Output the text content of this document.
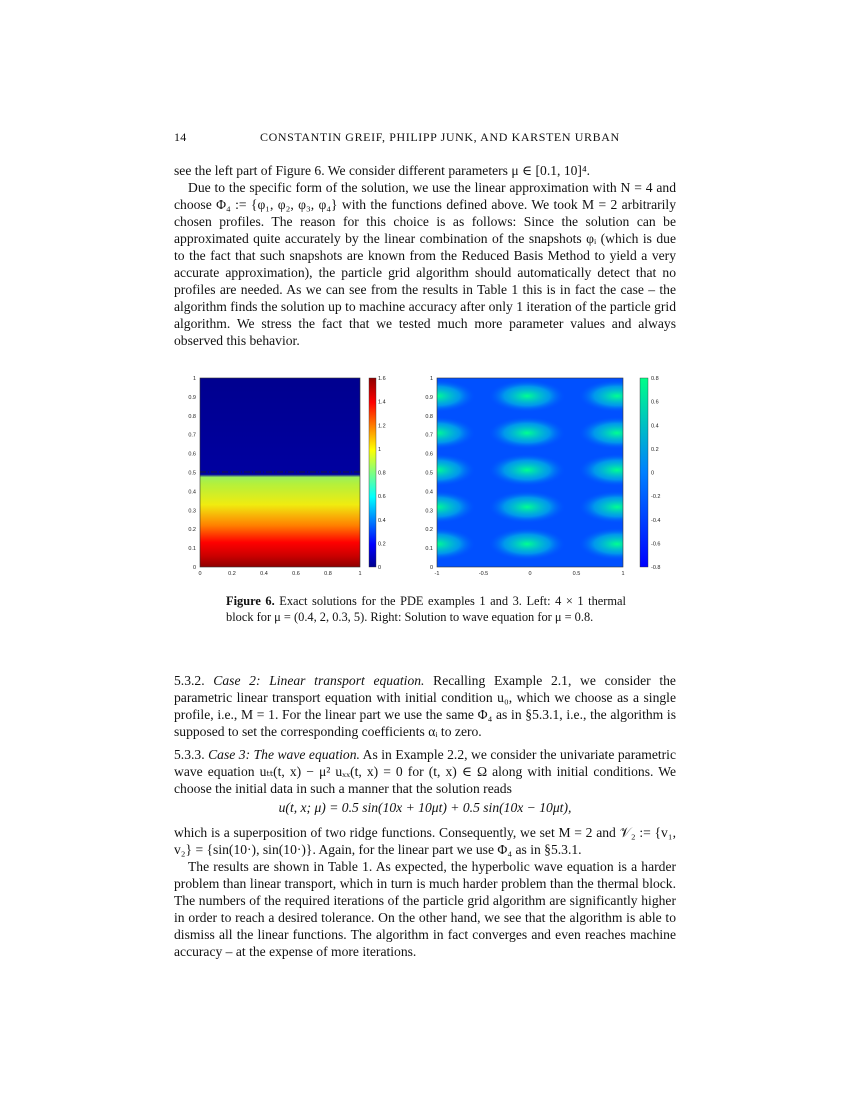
14	CONSTANTIN GREIF, PHILIPP JUNK, AND KARSTEN URBAN

see the left part of Figure 6. We consider different parameters μ ∈ [0.1, 10]⁴.

Due to the specific form of the solution, we use the linear approximation with N = 4 and choose Φ₄ := {φ₁, φ₂, φ₃, φ₄} with the functions defined above. We took M = 2 arbitrarily chosen profiles. The reason for this choice is as follows: Since the solution can be approximated quite accurately by the linear combination of the snapshots φᵢ (which is due to the fact that such snapshots are known from the Reduced Basis Method to yield a very accurate approximation), the particle grid algorithm should automatically detect that no profiles are needed. As we can see from the results in Table 1 this is in fact the case – the algorithm finds the solution up to machine accuracy after only 1 iteration of the particle grid algorithm. We stress the fact that we tested much more parameter values and always observed this behavior.

0
0.1
0.2
0.3
0.4
0.5
0.6
0.7
0.8
0.9
1
0	0.2	0.4	0.6	0.8	1
0
0.2
0.4
0.6
0.8
1
1.2
1.4
1.6
0
0.1
0.2
0.3
0.4
0.5
0.6
0.7
0.8
0.9
1
-1	-0.5	0	0.5	1
-0.8
-0.6
-0.4
-0.2
0
0.2
0.4
0.6
0.8
Figure 6. Exact solutions for the PDE examples 1 and 3. Left: 4 × 1 thermal block for μ = (0.4, 2, 0.3, 5). Right: Solution to wave equation for μ = 0.8.

5.3.2. Case 2: Linear transport equation. Recalling Example 2.1, we consider the parametric linear transport equation with initial condition u₀, which we choose as a single profile, i.e., M = 1. For the linear part we use the same Φ₄ as in §5.3.1, i.e., the algorithm is supposed to set the corresponding coefficients αᵢ to zero.

5.3.3. Case 3: The wave equation. As in Example 2.2, we consider the univariate parametric wave equation uₜₜ(t, x) − μ² uₓₓ(t, x) = 0 for (t, x) ∈ Ω along with initial conditions. We choose the initial data in such a manner that the solution reads

u(t, x; μ) = 0.5 sin(10x + 10μt) + 0.5 sin(10x − 10μt),

which is a superposition of two ridge functions. Consequently, we set M = 2 and 𝒱₂ := {v₁, v₂} = {sin(10·), sin(10·)}. Again, for the linear part we use Φ₄ as in §5.3.1.

The results are shown in Table 1. As expected, the hyperbolic wave equation is a harder problem than linear transport, which in turn is much harder problem than the thermal block. The numbers of the required iterations of the particle grid algorithm are significantly higher in order to reach a desired tolerance. On the other hand, we see that the algorithm is able to dismiss all the linear functions. The algorithm in fact converges and even reaches machine accuracy – at the expense of more iterations.
